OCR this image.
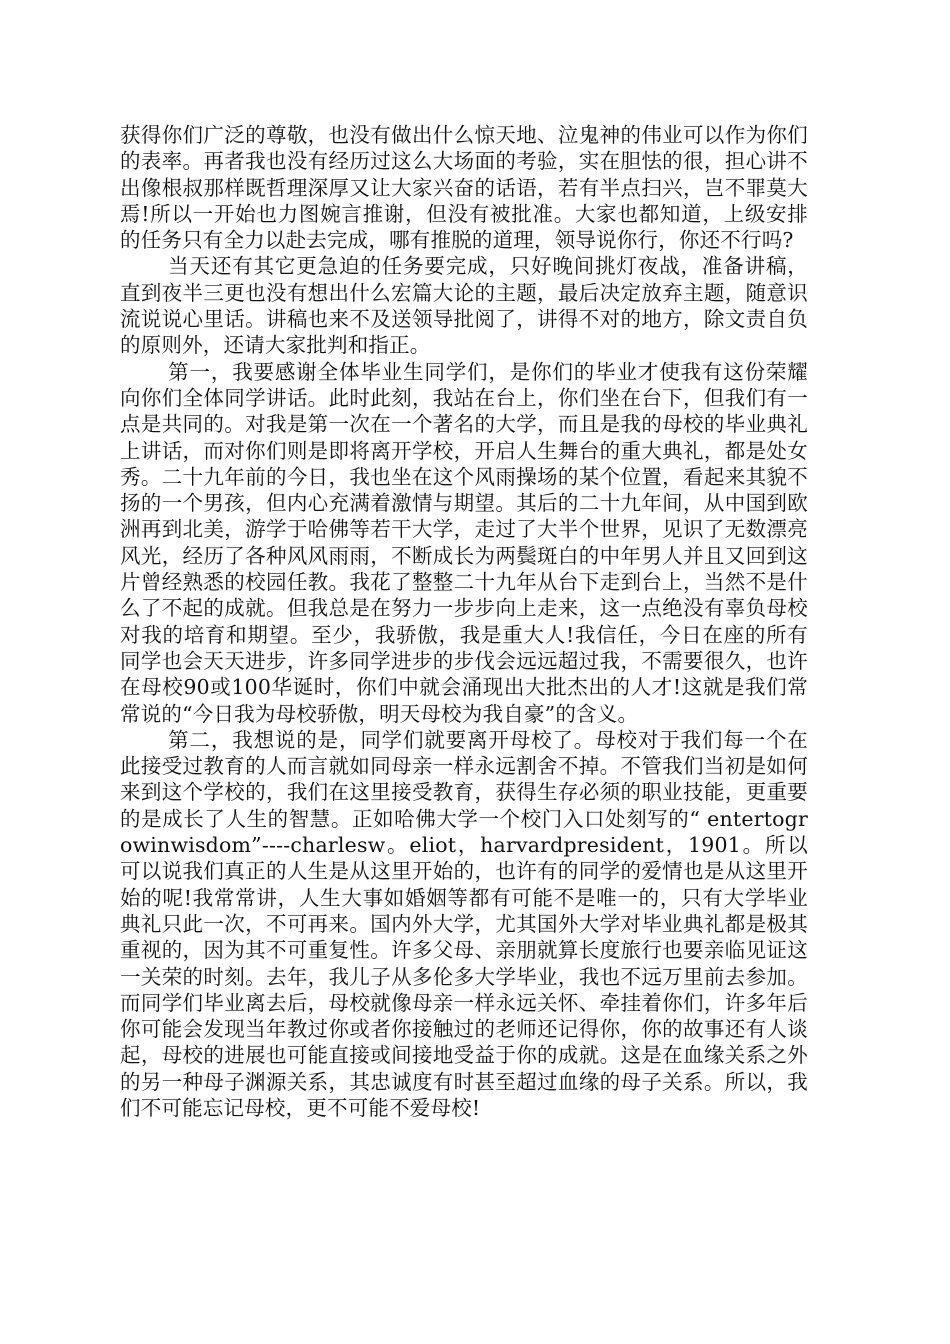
获得你们广泛的尊敬，也没有做出什么惊天地、泣鬼神的伟业可以作为你们的表率。再者我也没有经历过这么大场面的考验，实在胆怯的很，担心讲不出像根叔那样既哲理深厚又让大家兴奋的话语，若有半点扫兴，岂不罪莫大焉!所以一开始也力图婉言推谢，但没有被批准。大家也都知道，上级安排的任务只有全力以赴去完成，哪有推脱的道理，领导说你行，你还不行吗?

当天还有其它更急迫的任务要完成，只好晚间挑灯夜战，准备讲稿，直到夜半三更也没有想出什么宏篇大论的主题，最后决定放弃主题，随意识流说说心里话。讲稿也来不及送领导批阅了，讲得不对的地方，除文责自负的原则外，还请大家批判和指正。

第一，我要感谢全体毕业生同学们，是你们的毕业才使我有这份荣耀向你们全体同学讲话。此时此刻，我站在台上，你们坐在台下，但我们有一点是共同的。对我是第一次在一个著名的大学，而且是我的母校的毕业典礼上讲话，而对你们则是即将离开学校，开启人生舞台的重大典礼，都是处女秀。二十九年前的今日，我也坐在这个风雨操场的某个位置，看起来其貌不扬的一个男孩，但内心充满着激情与期望。其后的二十九年间，从中国到欧洲再到北美，游学于哈佛等若干大学，走过了大半个世界，见识了无数漂亮风光，经历了各种风风雨雨，不断成长为两鬓斑白的中年男人并且又回到这片曾经熟悉的校园任教。我花了整整二十九年从台下走到台上，当然不是什么了不起的成就。但我总是在努力一步步向上走来，这一点绝没有辜负母校对我的培育和期望。至少，我骄傲，我是重大人!我信任，今日在座的所有同学也会天天进步，许多同学进步的步伐会远远超过我，不需要很久，也许在母校90或100华诞时，你们中就会涌现出大批杰出的人才!这就是我们常常说的“今日我为母校骄傲，明天母校为我自豪”的含义。

第二，我想说的是，同学们就要离开母校了。母校对于我们每一个在此接受过教育的人而言就如同母亲一样永远割舍不掉。不管我们当初是如何来到这个学校的，我们在这里接受教育，获得生存必须的职业技能，更重要的是成长了人生的智慧。正如哈佛大学一个校门入口处刻写的“ entertogrowinwisdom”----charlesw。eliot，harvardpresident，1901。所以可以说我们真正的人生是从这里开始的，也许有的同学的爱情也是从这里开始的呢!我常常讲，人生大事如婚姻等都有可能不是唯一的，只有大学毕业典礼只此一次，不可再来。国内外大学，尤其国外大学对毕业典礼都是极其重视的，因为其不可重复性。许多父母、亲朋就算长度旅行也要亲临见证这一关荣的时刻。去年，我儿子从多伦多大学毕业，我也不远万里前去参加。而同学们毕业离去后，母校就像母亲一样永远关怀、牵挂着你们，许多年后你可能会发现当年教过你或者你接触过的老师还记得你，你的故事还有人谈起，母校的进展也可能直接或间接地受益于你的成就。这是在血缘关系之外的另一种母子渊源关系，其忠诚度有时甚至超过血缘的母子关系。所以，我们不可能忘记母校，更不可能不爱母校!
